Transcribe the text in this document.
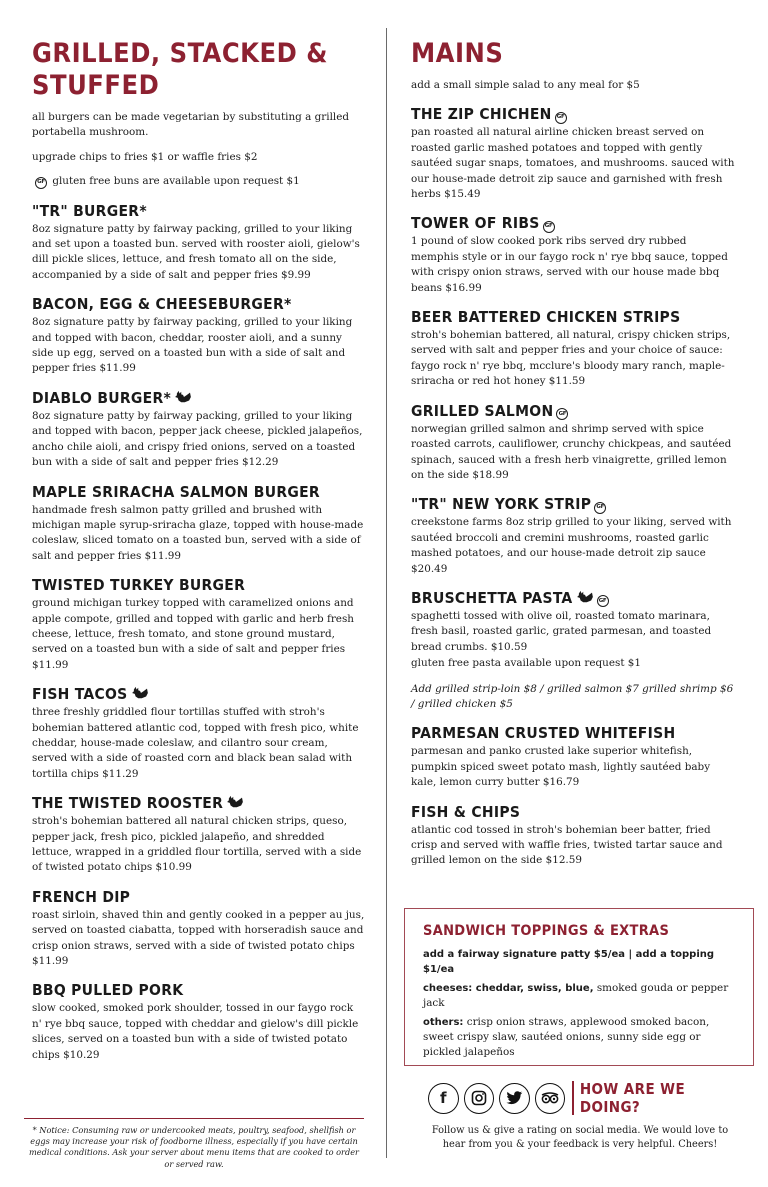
GRILLED, STACKED & STUFFED

all burgers can be made vegetarian by substituting a grilled portabella mushroom.

upgrade chips to fries $1 or waffle fries $2

GF gluten free buns are available upon request $1

"TR" BURGER*
8oz signature patty by fairway packing, grilled to your liking and set upon a toasted bun. served with rooster aioli, gielow's dill pickle slices, lettuce, and fresh tomato all on the side, accompanied by a side of salt and pepper fries $9.99
BACON, EGG & CHEESEBURGER*
8oz signature patty by fairway packing, grilled to your liking and topped with bacon, cheddar, rooster aioli, and a sunny side up egg, served on a toasted bun with a side of salt and pepper fries $11.99
DIABLO BURGER*
8oz signature patty by fairway packing, grilled to your liking and topped with bacon, pepper jack cheese, pickled jalapeños, ancho chile aioli, and crispy fried onions, served on a toasted bun with a side of salt and pepper fries $12.29
MAPLE SRIRACHA SALMON BURGER
handmade fresh salmon patty grilled and brushed with michigan maple syrup-sriracha glaze, topped with house-made coleslaw, sliced tomato on a toasted bun, served with a side of salt and pepper fries $11.99
TWISTED TURKEY BURGER
ground michigan turkey topped with caramelized onions and apple compote, grilled and topped with garlic and herb fresh cheese, lettuce, fresh tomato, and stone ground mustard, served on a toasted bun with a side of salt and pepper fries $11.99
FISH TACOS
three freshly griddled flour tortillas stuffed with stroh's bohemian battered atlantic cod, topped with fresh pico, white cheddar, house-made coleslaw, and cilantro sour cream, served with a side of roasted corn and black bean salad with tortilla chips $11.29
THE TWISTED ROOSTER
stroh's bohemian battered all natural chicken strips, queso, pepper jack, fresh pico, pickled jalapeño, and shredded lettuce, wrapped in a griddled flour tortilla, served with a side of twisted potato chips $10.99
FRENCH DIP
roast sirloin, shaved thin and gently cooked in a pepper au jus, served on toasted ciabatta, topped with horseradish sauce and crisp onion straws, served with a side of twisted potato chips $11.99
BBQ PULLED PORK
slow cooked, smoked pork shoulder, tossed in our faygo rock n' rye bbq sauce, topped with cheddar and gielow's dill pickle slices, served on a toasted bun with a side of twisted potato chips $10.29
* Notice: Consuming raw or undercooked meats, poultry, seafood, shellfish or eggs may increase your risk of foodborne illness, especially if you have certain medical conditions. Ask your server about menu items that are cooked to order or served raw.
MAINS
add a small simple salad to any meal for $5
THE ZIP CHICHEN GF
pan roasted all natural airline chicken breast served on roasted garlic mashed potatoes and topped with gently sautéed sugar snaps, tomatoes, and mushrooms. sauced with our house-made detroit zip sauce and garnished with fresh herbs $15.49
TOWER OF RIBS GF
1 pound of slow cooked pork ribs served dry rubbed memphis style or in our faygo rock n' rye bbq sauce, topped with crispy onion straws, served with our house made bbq beans $16.99
BEER BATTERED CHICKEN STRIPS
stroh's bohemian battered, all natural, crispy chicken strips, served with salt and pepper fries and your choice of sauce: faygo rock n' rye bbq, mcclure's bloody mary ranch, maple-sriracha or red hot honey $11.59
GRILLED SALMON GF
norwegian grilled salmon and shrimp served with spice roasted carrots, cauliflower, crunchy chickpeas, and sautéed spinach, sauced with a fresh herb vinaigrette, grilled lemon on the side $18.99
"TR" NEW YORK STRIP GF
creekstone farms 8oz strip grilled to your liking, served with sautéed broccoli and cremini mushrooms, roasted garlic mashed potatoes, and our house-made detroit zip sauce $20.49
BRUSCHETTA PASTA	GF
spaghetti tossed with olive oil, roasted tomato marinara, fresh basil, roasted garlic, grated parmesan, and toasted bread crumbs. $10.59
gluten free pasta available upon request $1
Add grilled strip-loin $8 / grilled salmon $7 grilled shrimp $6 / grilled chicken $5
PARMESAN CRUSTED WHITEFISH
parmesan and panko crusted lake superior whitefish, pumpkin spiced sweet potato mash, lightly sautéed baby kale, lemon curry butter $16.79
FISH & CHIPS
atlantic cod tossed in stroh's bohemian beer batter, fried crisp and served with waffle fries, twisted tartar sauce and grilled lemon on the side $12.59
SANDWICH TOPPINGS & EXTRAS
add a fairway signature patty $5/ea | add a topping $1/ea
cheeses: cheddar, swiss, blue, smoked gouda or pepper jack
others: crisp onion straws, applewood smoked bacon, sweet crispy slaw, sautéed onions, sunny side egg or pickled jalapeños
f	HOW ARE WE DOING?
Follow us & give a rating on social media. We would love to hear from you & your feedback is very helpful. Cheers!
